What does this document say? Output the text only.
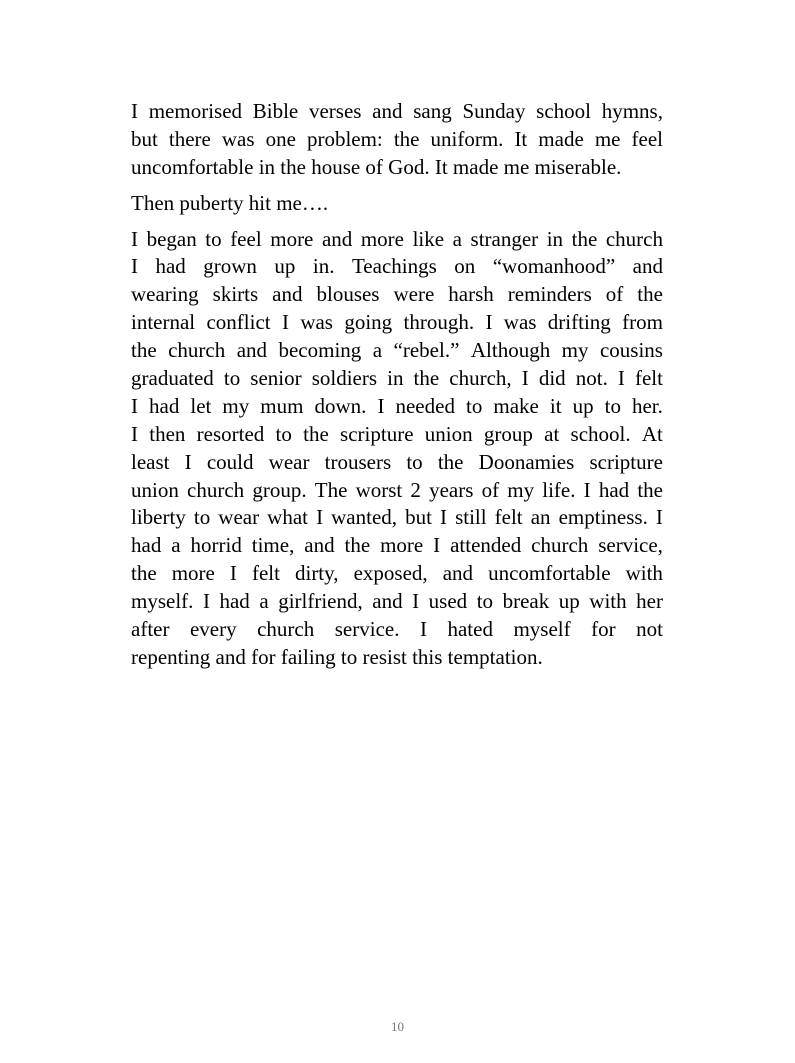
I memorised Bible verses and sang Sunday school hymns,
but there was one problem: the uniform. It made me feel
uncomfortable in the house of God. It made me miserable.
Then puberty hit me….
I began to feel more and more like a stranger in the church
I had grown up in. Teachings on “womanhood” and
wearing skirts and blouses were harsh reminders of the
internal conflict I was going through. I was drifting from
the church and becoming a “rebel.” Although my cousins
graduated to senior soldiers in the church, I did not. I felt
I had let my mum down. I needed to make it up to her.
I then resorted to the scripture union group at school. At
least I could wear trousers to the Doonamies scripture
union church group. The worst 2 years of my life. I had the
liberty to wear what I wanted, but I still felt an emptiness. I
had a horrid time, and the more I attended church service,
the more I felt dirty, exposed, and uncomfortable with
myself. I had a girlfriend, and I used to break up with her
after every church service. I hated myself for not
repenting and for failing to resist this temptation.
10
